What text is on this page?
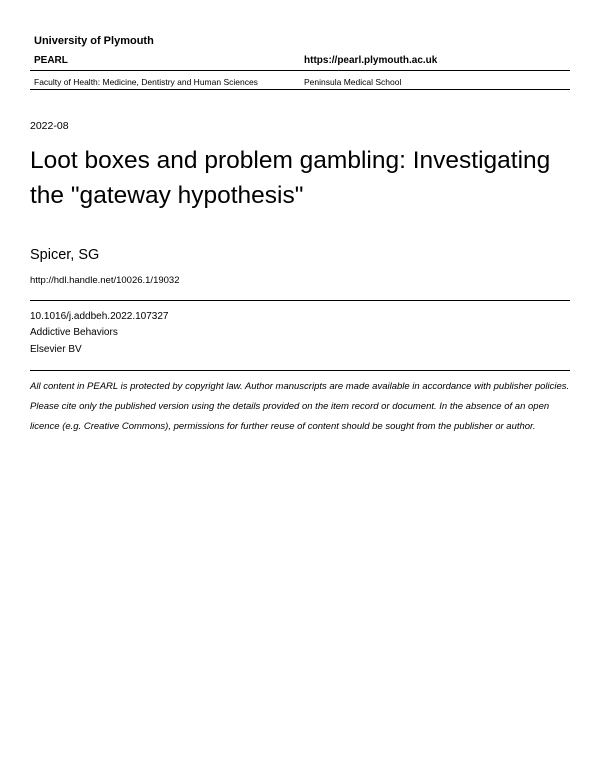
University of Plymouth
PEARL	https://pearl.plymouth.ac.uk
Faculty of Health: Medicine, Dentistry and Human Sciences	Peninsula Medical School
2022-08
Loot boxes and problem gambling: Investigating the "gateway hypothesis"
Spicer, SG
http://hdl.handle.net/10026.1/19032
10.1016/j.addbeh.2022.107327
Addictive Behaviors
Elsevier BV
All content in PEARL is protected by copyright law. Author manuscripts are made available in accordance with publisher policies. Please cite only the published version using the details provided on the item record or document. In the absence of an open licence (e.g. Creative Commons), permissions for further reuse of content should be sought from the publisher or author.
